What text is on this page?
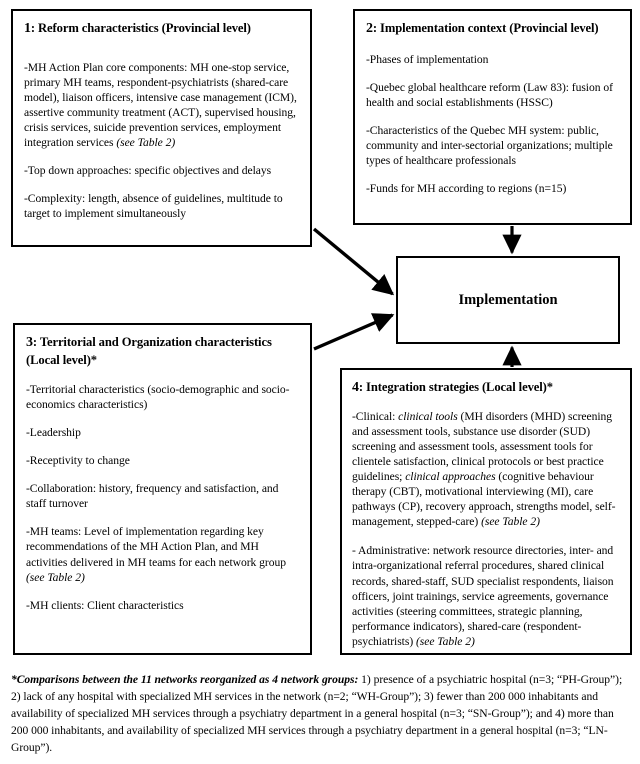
1: Reform characteristics (Provincial level)

-MH Action Plan core components: MH one-stop service, primary MH teams, respondent-psychiatrists (shared-care model), liaison officers, intensive case management (ICM), assertive community treatment (ACT), supervised housing, crisis services, suicide prevention services, employment integration services (see Table 2)

-Top down approaches: specific objectives and delays

-Complexity: length, absence of guidelines, multitude to target to implement simultaneously

2: Implementation context (Provincial level)

-Phases of implementation

-Quebec global healthcare reform (Law 83): fusion of health and social establishments (HSSC)

-Characteristics of the Quebec MH system: public, community and inter-sectorial organizations; multiple types of healthcare professionals

-Funds for MH according to regions (n=15)

Implementation
3: Territorial and Organization characteristics (Local level)*

-Territorial characteristics (socio-demographic and socio-economics characteristics)

-Leadership

-Receptivity to change

-Collaboration: history, frequency and satisfaction, and staff turnover

-MH teams: Level of implementation regarding key recommendations of the MH Action Plan, and MH activities delivered in MH teams for each network group (see Table 2)

-MH clients: Client characteristics

4: Integration strategies (Local level)*

-Clinical: clinical tools (MH disorders (MHD) screening and assessment tools, substance use disorder (SUD) screening and assessment tools, assessment tools for clientele satisfaction, clinical protocols or best practice guidelines; clinical approaches (cognitive behaviour therapy (CBT), motivational interviewing (MI), care pathways (CP), recovery approach, strengths model, self-management, stepped-care) (see Table 2)

- Administrative: network resource directories, inter- and intra-organizational referral procedures, shared clinical records, shared-staff, SUD specialist respondents, liaison officers, joint trainings, service agreements, governance activities (steering committees, strategic planning, performance indicators), shared-care (respondent-psychiatrists) (see Table 2)

*Comparisons between the 11 networks reorganized as 4 network groups: 1) presence of a psychiatric hospital (n=3; “PH-Group”); 2) lack of any hospital with specialized MH services in the network (n=2; “WH-Group”); 3) fewer than 200 000 inhabitants and availability of specialized MH services through a psychiatry department in a general hospital (n=3; “SN-Group”); and 4) more than 200 000 inhabitants, and availability of specialized MH services through a psychiatry department in a general hospital (n=3; “LN-Group”).
